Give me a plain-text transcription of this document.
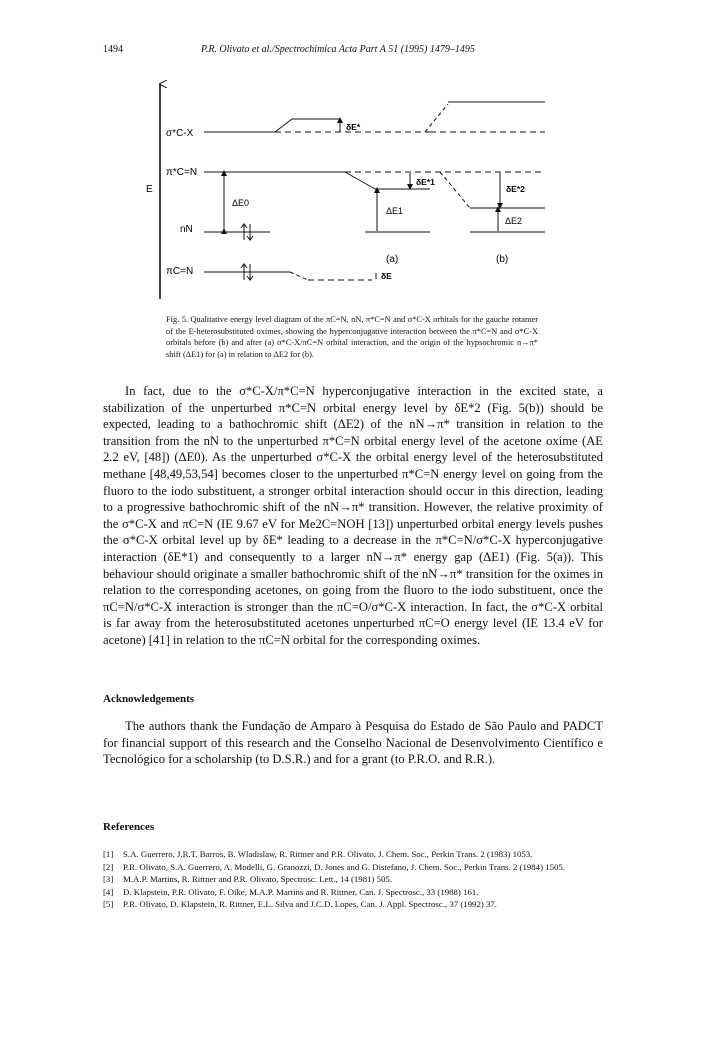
1494	P.R. Olivato et al./Spectrochimica Acta Part A 51 (1995) 1479–1495
E
σ*C-X
δE*
π*C=N
δE*1
δE*2
nN
ΔE0
ΔE1
ΔE2
(a)	(b)
πC=N	δE
Fig. 5. Qualitative energy level diagram of the πC=N, nN, π*C=N and σ*C-X orbitals for the gauche rotamer of the E-heterosubstituted oximes, showing the hyperconjugative interaction between the π*C=N and σ*C-X orbitals before (b) and after (a) σ*C-X/πC=N orbital interaction, and the origin of the hypsochromic n→π* shift (ΔE1) for (a) in relation to ΔE2 for (b).

In fact, due to the σ*C-X/π*C=N hyperconjugative interaction in the excited state, a stabilization of the unperturbed π*C=N orbital energy level by δE*2 (Fig. 5(b)) should be expected, leading to a bathochromic shift (ΔE2) of the nN→π* transition in relation to the transition from the nN to the unperturbed π*C=N orbital energy level of the acetone oxime (AE 2.2 eV, [48]) (ΔE0). As the unperturbed σ*C-X the orbital energy level of the heterosubstituted methane [48,49,53,54] becomes closer to the unperturbed π*C=N energy level on going from the fluoro to the iodo substituent, a stronger orbital interaction should occur in this direction, leading to a progressive bathochromic shift of the nN→π* transition. However, the relative proximity of the σ*C-X and πC=N (IE 9.67 eV for Me2C=NOH [13]) unperturbed orbital energy levels pushes the σ*C-X orbital level up by δE* leading to a decrease in the π*C=N/σ*C-X hyperconjugative interaction (δE*1) and consequently to a larger nN→π* energy gap (ΔE1) (Fig. 5(a)). This behaviour should originate a smaller bathochromic shift of the nN→π* transition for the oximes in relation to the corresponding acetones, on going from the fluoro to the iodo substituent, once the πC=N/σ*C-X interaction is stronger than the πC=O/σ*C-X interaction. In fact, the σ*C-X orbital is far away from the heterosubstituted acetones unperturbed πC=O energy level (IE 13.4 eV for acetone) [41] in relation to the πC=N orbital for the corresponding oximes.

Acknowledgements

The authors thank the Fundação de Amparo à Pesquisa do Estado de São Paulo and PADCT for financial support of this research and the Conselho Nacional de Desenvolvimento Científico e Tecnológico for a scholarship (to D.S.R.) and for a grant (to P.R.O. and R.R.).

References
[1] S.A. Guerrero, J.R.T. Barros, B. Wladislaw, R. Rittner and P.R. Olivato, J. Chem. Soc., Perkin Trans. 2 (1983) 1053.
[2] P.R. Olivato, S.A. Guerrero, A. Modelli, G. Granozzi, D. Jones and G. Distefano, J. Chem. Soc., Perkin Trans. 2 (1984) 1505.
[3] M.A.P. Martins, R. Rittner and P.R. Olivato, Spectrosc. Lett., 14 (1981) 505.
[4] D. Klapstein, P.R. Olivato, F. Oike, M.A.P. Martins and R. Rittner, Can. J. Spectrosc., 33 (1988) 161.
[5] P.R. Olivato, D. Klapstein, R. Rittner, E.L. Silva and J.C.D. Lopes, Can. J. Appl. Spectrosc., 37 (1992) 37.
